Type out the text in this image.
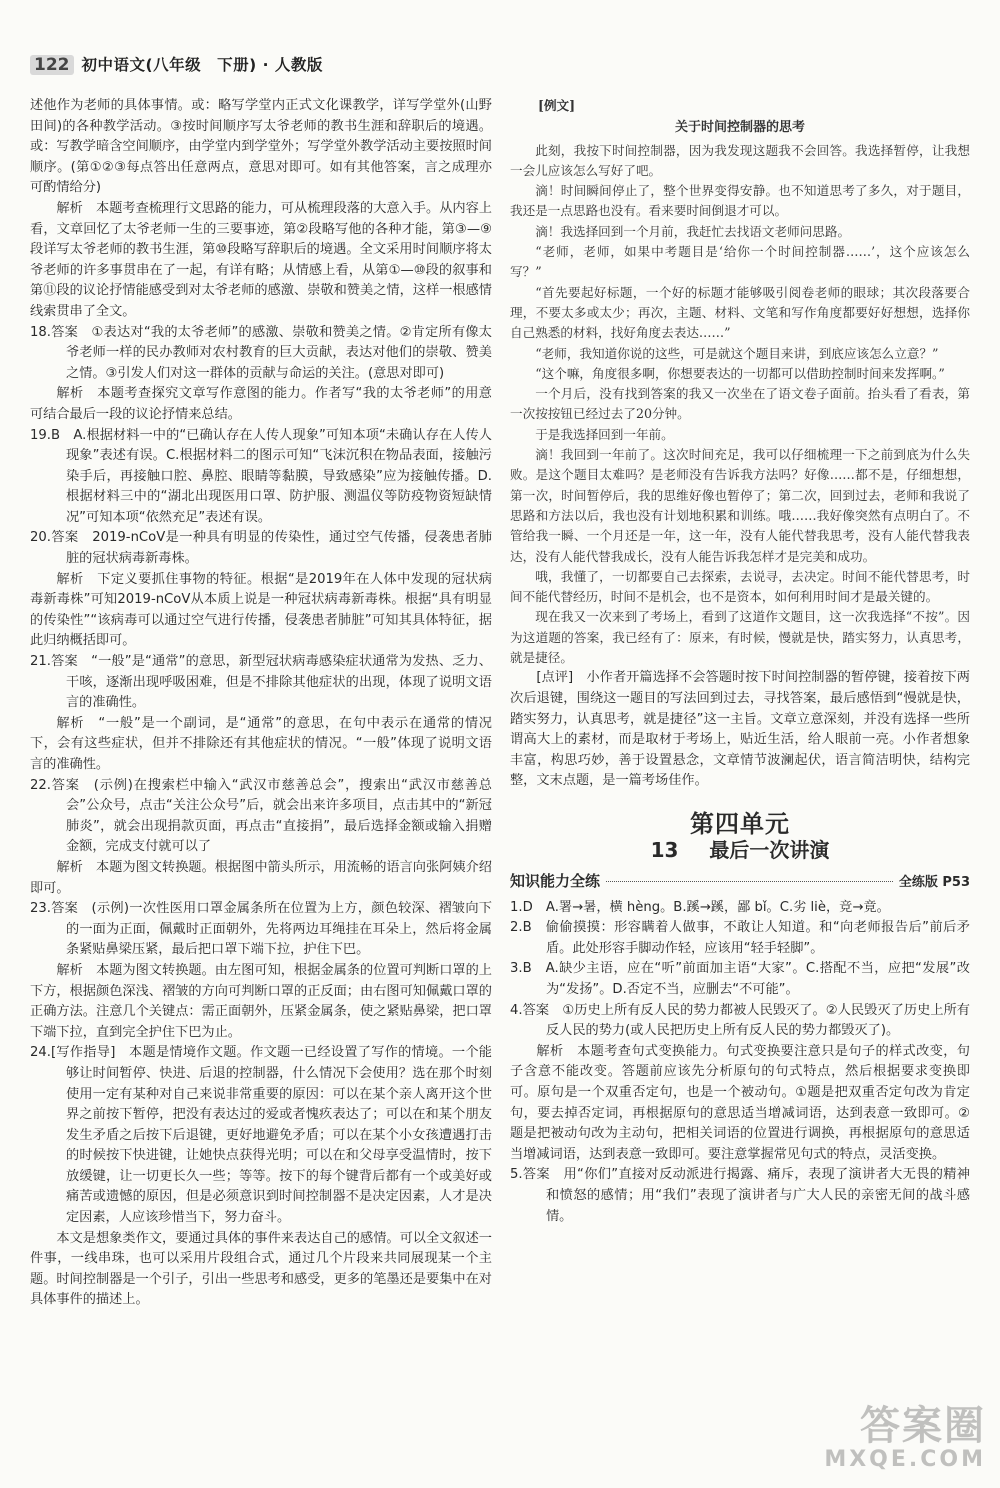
122 初中语文(八年级　下册) · 人教版

述他作为老师的具体事情。或：略写学堂内正式文化课教学，详写学堂外(山野田间)的各种教学活动。③按时间顺序写太爷老师的教书生涯和辞职后的境遇。或：写教学暗含空间顺序，由学堂内到学堂外；写学堂外教学活动主要按照时间顺序。(第①②③每点答出任意两点，意思对即可。如有其他答案，言之成理亦可酌情给分)

解析　本题考查梳理行文思路的能力，可从梳理段落的大意入手。从内容上看，文章回忆了太爷老师一生的三要事迹，第②段略写他的各种才能，第③—⑨段详写太爷老师的教书生涯，第⑩段略写辞职后的境遇。全文采用时间顺序将太爷老师的许多事贯串在了一起，有详有略；从情感上看，从第①—⑩段的叙事和第⑪段的议论抒情能感受到对太爷老师的感激、崇敬和赞美之情，这样一根感情线索贯串了全文。

18.答案　①表达对“我的太爷老师”的感激、崇敬和赞美之情。②肯定所有像太爷老师一样的民办教师对农村教育的巨大贡献，表达对他们的崇敬、赞美之情。③引发人们对这一群体的贡献与命运的关注。(意思对即可)

解析　本题考查探究文章写作意图的能力。作者写“我的太爷老师”的用意可结合最后一段的议论抒情来总结。

19.B　A.根据材料一中的“已确认存在人传人现象”可知本项“未确认存在人传人现象”表述有误。C.根据材料二的图示可知“飞沫沉积在物品表面，接触污染手后，再接触口腔、鼻腔、眼睛等黏膜，导致感染”应为接触传播。D.根据材料三中的“湖北出现医用口罩、防护服、测温仪等防疫物资短缺情况”可知本项“依然充足”表述有误。

20.答案　2019-nCoV是一种具有明显的传染性，通过空气传播，侵袭患者肺脏的冠状病毒新毒株。

解析　下定义要抓住事物的特征。根据“是2019年在人体中发现的冠状病毒新毒株”可知2019-nCoV从本质上说是一种冠状病毒新毒株。根据“具有明显的传染性”“该病毒可以通过空气进行传播，侵袭患者肺脏”可知其具体特征，据此归纳概括即可。

21.答案　“一般”是“通常”的意思，新型冠状病毒感染症状通常为发热、乏力、干咳，逐渐出现呼吸困难，但是不排除其他症状的出现，体现了说明文语言的准确性。

解析　“一般”是一个副词，是“通常”的意思，在句中表示在通常的情况下，会有这些症状，但并不排除还有其他症状的情况。“一般”体现了说明文语言的准确性。

22.答案　(示例)在搜索栏中输入“武汉市慈善总会”，搜索出“武汉市慈善总会”公众号，点击“关注公众号”后，就会出来许多项目，点击其中的“新冠肺炎”，就会出现捐款页面，再点击“直接捐”，最后选择金额或输入捐赠金额，完成支付就可以了

解析　本题为图文转换题。根据图中箭头所示，用流畅的语言向张阿姨介绍即可。

23.答案　(示例)一次性医用口罩金属条所在位置为上方，颜色较深、褶皱向下的一面为正面，佩戴时正面朝外，先将两边耳绳挂在耳朵上，然后将金属条紧贴鼻梁压紧，最后把口罩下端下拉，护住下巴。

解析　本题为图文转换题。由左图可知，根据金属条的位置可判断口罩的上下方，根据颜色深浅、褶皱的方向可判断口罩的正反面；由右图可知佩戴口罩的正确方法。注意几个关键点：需正面朝外，压紧金属条，使之紧贴鼻梁，把口罩下端下拉，直到完全护住下巴为止。

24.[写作指导]　本题是情境作文题。作文题一已经设置了写作的情境。一个能够让时间暂停、快进、后退的控制器，什么情况下会使用？选在那个时刻使用一定有某种对自己来说非常重要的原因：可以在某个亲人离开这个世界之前按下暂停，把没有表达过的爱或者愧疚表达了；可以在和某个朋友发生矛盾之后按下后退键，更好地避免矛盾；可以在某个小女孩遭遇打击的时候按下快进键，让她快点获得光明；可以在和父母享受温情时，按下放缓键，让一切更长久一些；等等。按下的每个键背后都有一个或美好或痛苦或遗憾的原因，但是必须意识到时间控制器不是决定因素，人才是决定因素，人应该珍惜当下，努力奋斗。

本文是想象类作文，要通过具体的事件来表达自己的感情。可以全文叙述一件事，一线串珠，也可以采用片段组合式，通过几个片段来共同展现某一个主题。时间控制器是一个引子，引出一些思考和感受，更多的笔墨还是要集中在对具体事件的描述上。

[例文]

关于时间控制器的思考

此刻，我按下时间控制器，因为我发现这题我不会回答。我选择暂停，让我想一会儿应该怎么写好了吧。

滴！时间瞬间停止了，整个世界变得安静。也不知道思考了多久，对于题目，我还是一点思路也没有。看来要时间倒退才可以。

滴！我选择回到一个月前，我赶忙去找语文老师问思路。

“老师，老师，如果中考题目是‘给你一个时间控制器……’，这个应该怎么写？”

“首先要起好标题，一个好的标题才能够吸引阅卷老师的眼球；其次段落要合理，不要太多或太少；再次，主题、材料、文笔和写作角度都要好好想想，选择你自己熟悉的材料，找好角度去表达……”

“老师，我知道你说的这些，可是就这个题目来讲，到底应该怎么立意？”

“这个嘛，角度很多啊，你想要表达的一切都可以借助控制时间来发挥啊。”

一个月后，没有找到答案的我又一次坐在了语文卷子面前。抬头看了看表，第一次按按钮已经过去了20分钟。

于是我选择回到一年前。

滴！我回到一年前了。这次时间充足，我可以仔细梳理一下之前到底为什么失败。是这个题目太难吗？是老师没有告诉我方法吗？好像……都不是，仔细想想，第一次，时间暂停后，我的思维好像也暂停了；第二次，回到过去，老师和我说了思路和方法以后，我也没有计划地积累和训练。哦……我好像突然有点明白了。不管给我一瞬、一个月还是一年，这一年，没有人能代替我思考，没有人能代替我表达，没有人能代替我成长，没有人能告诉我怎样才是完美和成功。

哦，我懂了，一切都要自己去探索，去说寻，去决定。时间不能代替思考，时间不能代替经历，时间不是机会，也不是资本，如何利用时间才是最关键的。

现在我又一次来到了考场上，看到了这道作文题目，这一次我选择“不按”。因为这道题的答案，我已经有了：原来，有时候，慢就是快，踏实努力，认真思考，就是捷径。

[点评]　小作者开篇选择不会答题时按下时间控制器的暂停键，接着按下两次后退键，围绕这一题目的写法回到过去，寻找答案，最后感悟到“慢就是快，踏实努力，认真思考，就是捷径”这一主旨。文章立意深刻，并没有选择一些所谓高大上的素材，而是取材于考场上，贴近生活，给人眼前一亮。小作者想象丰富，构思巧妙，善于设置悬念，文章情节波澜起伏，语言简洁明快，结构完整，文末点题，是一篇考场佳作。

第四单元
13 最后一次讲演
知识能力全练	全练版 P53

1.D　A.署→暑，横 hèng。B.蹊→蹊，鄙 bǐ。C.劣 liè，竞→竟。

2.B　偷偷摸摸：形容瞒着人做事，不敢让人知道。和“向老师报告后”前后矛盾。此处形容手脚动作轻，应该用“轻手轻脚”。

3.B　A.缺少主语，应在“听”前面加主语“大家”。C.搭配不当，应把“发展”改为“发扬”。D.否定不当，应删去“不可能”。

4.答案　①历史上所有反人民的势力都被人民毁灭了。②人民毁灭了历史上所有反人民的势力(或人民把历史上所有反人民的势力都毁灭了)。

解析　本题考查句式变换能力。句式变换要注意只是句子的样式改变，句子含意不能改变。答题前应该先分析原句的句式特点，然后根据要求变换即可。原句是一个双重否定句，也是一个被动句。①题是把双重否定句改为肯定句，要去掉否定词，再根据原句的意思适当增减词语，达到表意一致即可。②题是把被动句改为主动句，把相关词语的位置进行调换，再根据原句的意思适当增减词语，达到表意一致即可。要注意掌握常见句式的特点，灵活变换。

5.答案　用“你们”直接对反动派进行揭露、痛斥，表现了演讲者大无畏的精神和愤怒的感情；用“我们”表现了演讲者与广大人民的亲密无间的战斗感情。

答案圈
MXQE.COM
